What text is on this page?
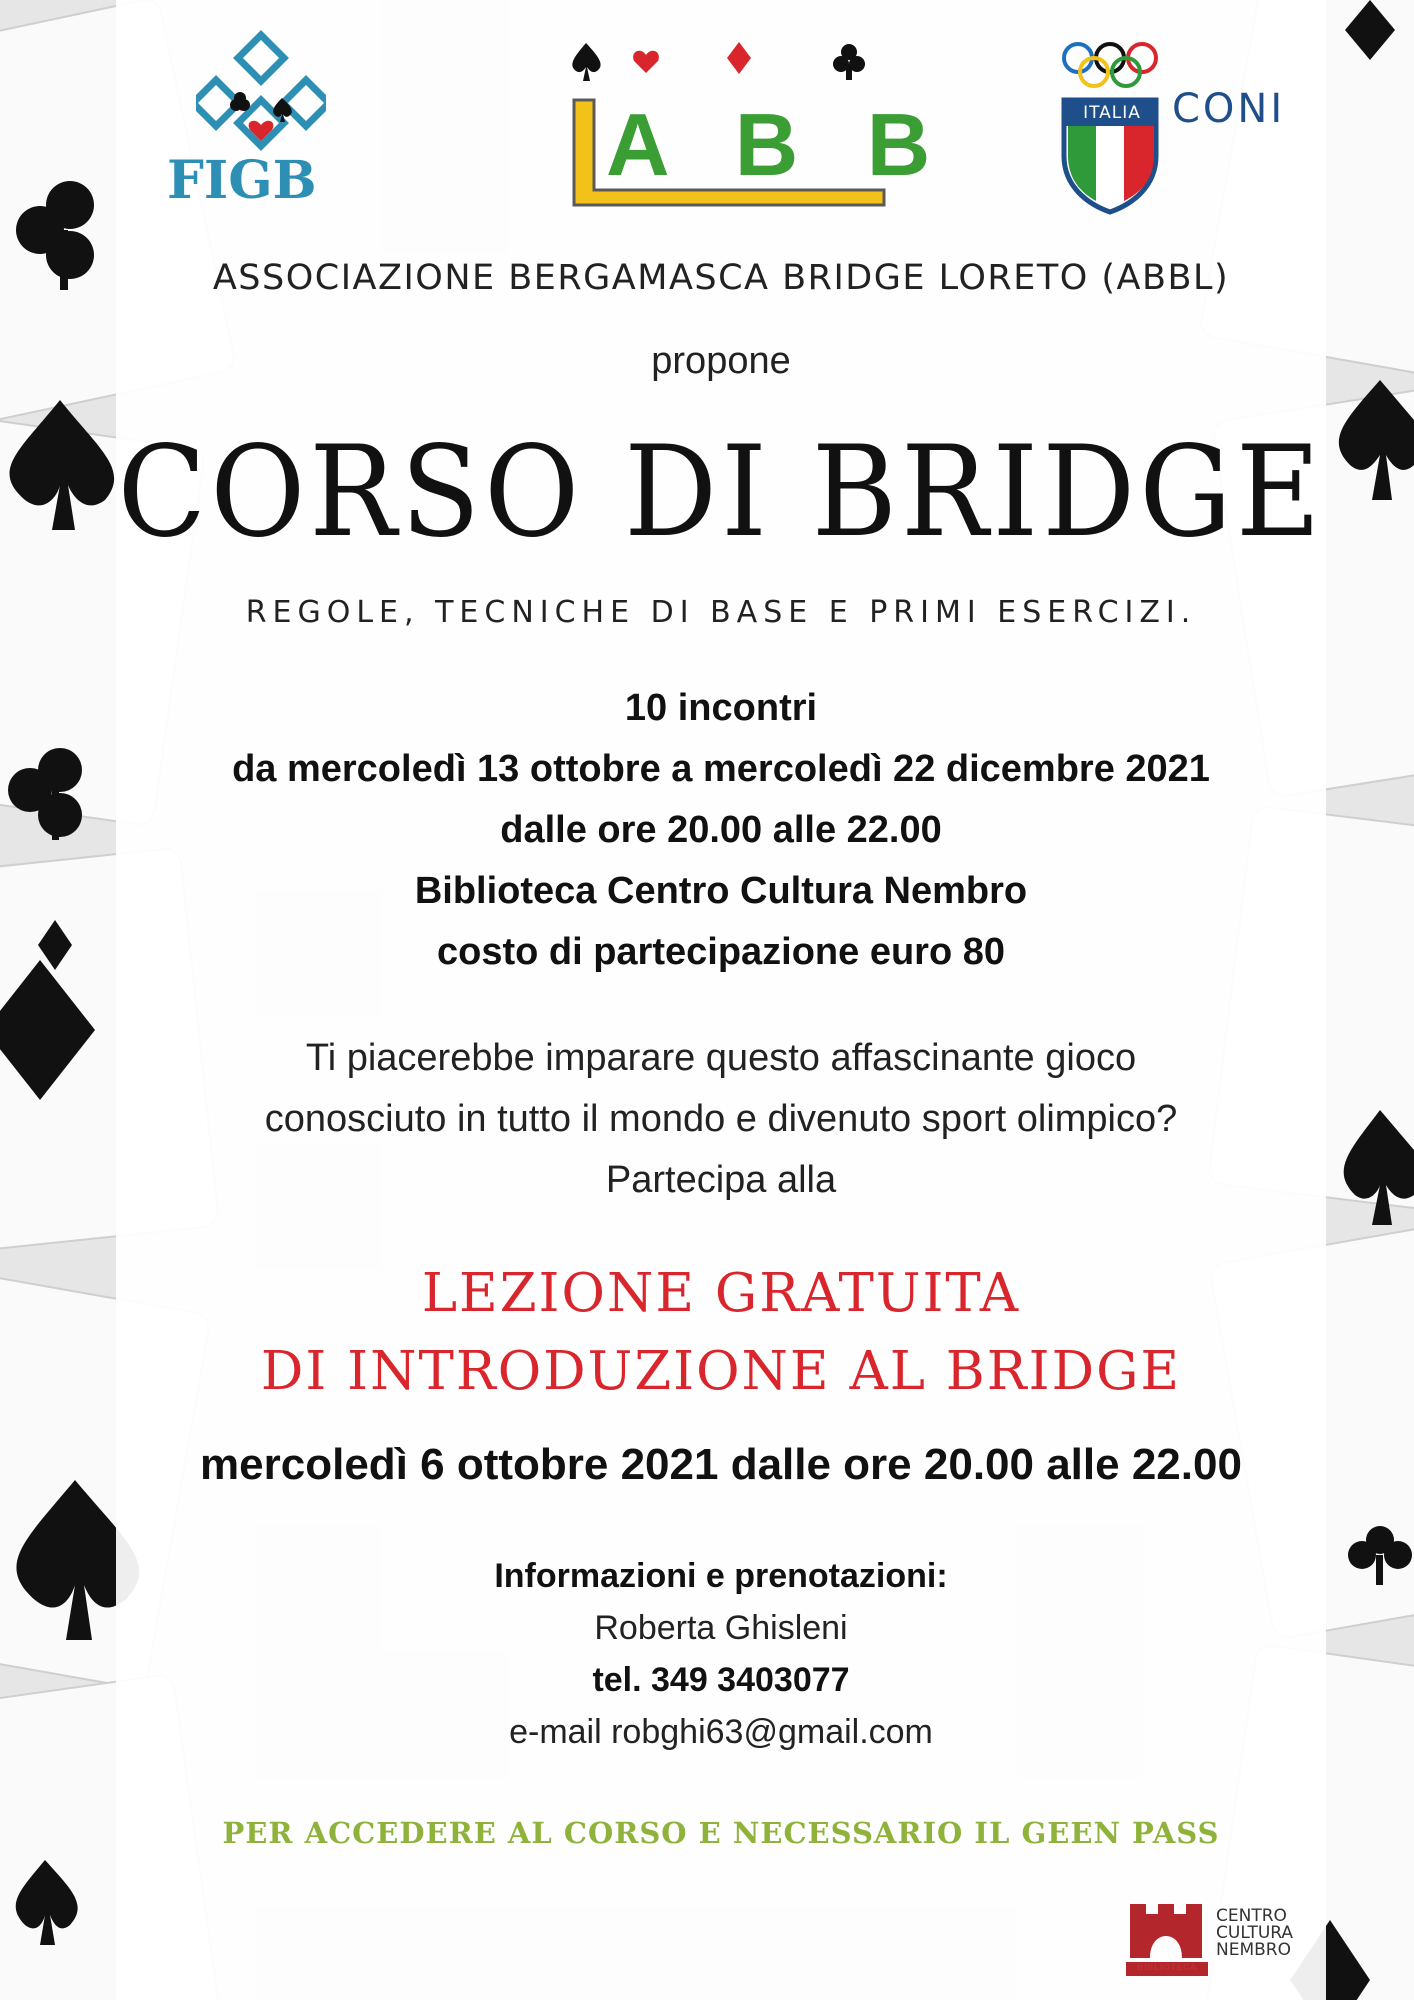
FIGB	A B B	ITALIA CONI
ASSOCIAZIONE BERGAMASCA BRIDGE LORETO (ABBL)
propone
CORSO DI BRIDGE
REGOLE, TECNICHE DI BASE E PRIMI ESERCIZI.
10 incontri
da mercoledì 13 ottobre a mercoledì 22 dicembre 2021
dalle ore 20.00 alle 22.00
Biblioteca Centro Cultura Nembro
costo di partecipazione euro 80
Ti piacerebbe imparare questo affascinante gioco
conosciuto in tutto il mondo e divenuto sport olimpico?
Partecipa alla
LEZIONE GRATUITA
DI INTRODUZIONE AL BRIDGE
mercoledì 6 ottobre 2021 dalle ore 20.00 alle 22.00
Informazioni e prenotazioni:
Roberta Ghisleni
tel. 349 3403077
e-mail robghi63@gmail.com
PER ACCEDERE AL CORSO E NECESSARIO IL GEEN PASS
BIBLIOTECA
CENTRO
CULTURA
NEMBRO
